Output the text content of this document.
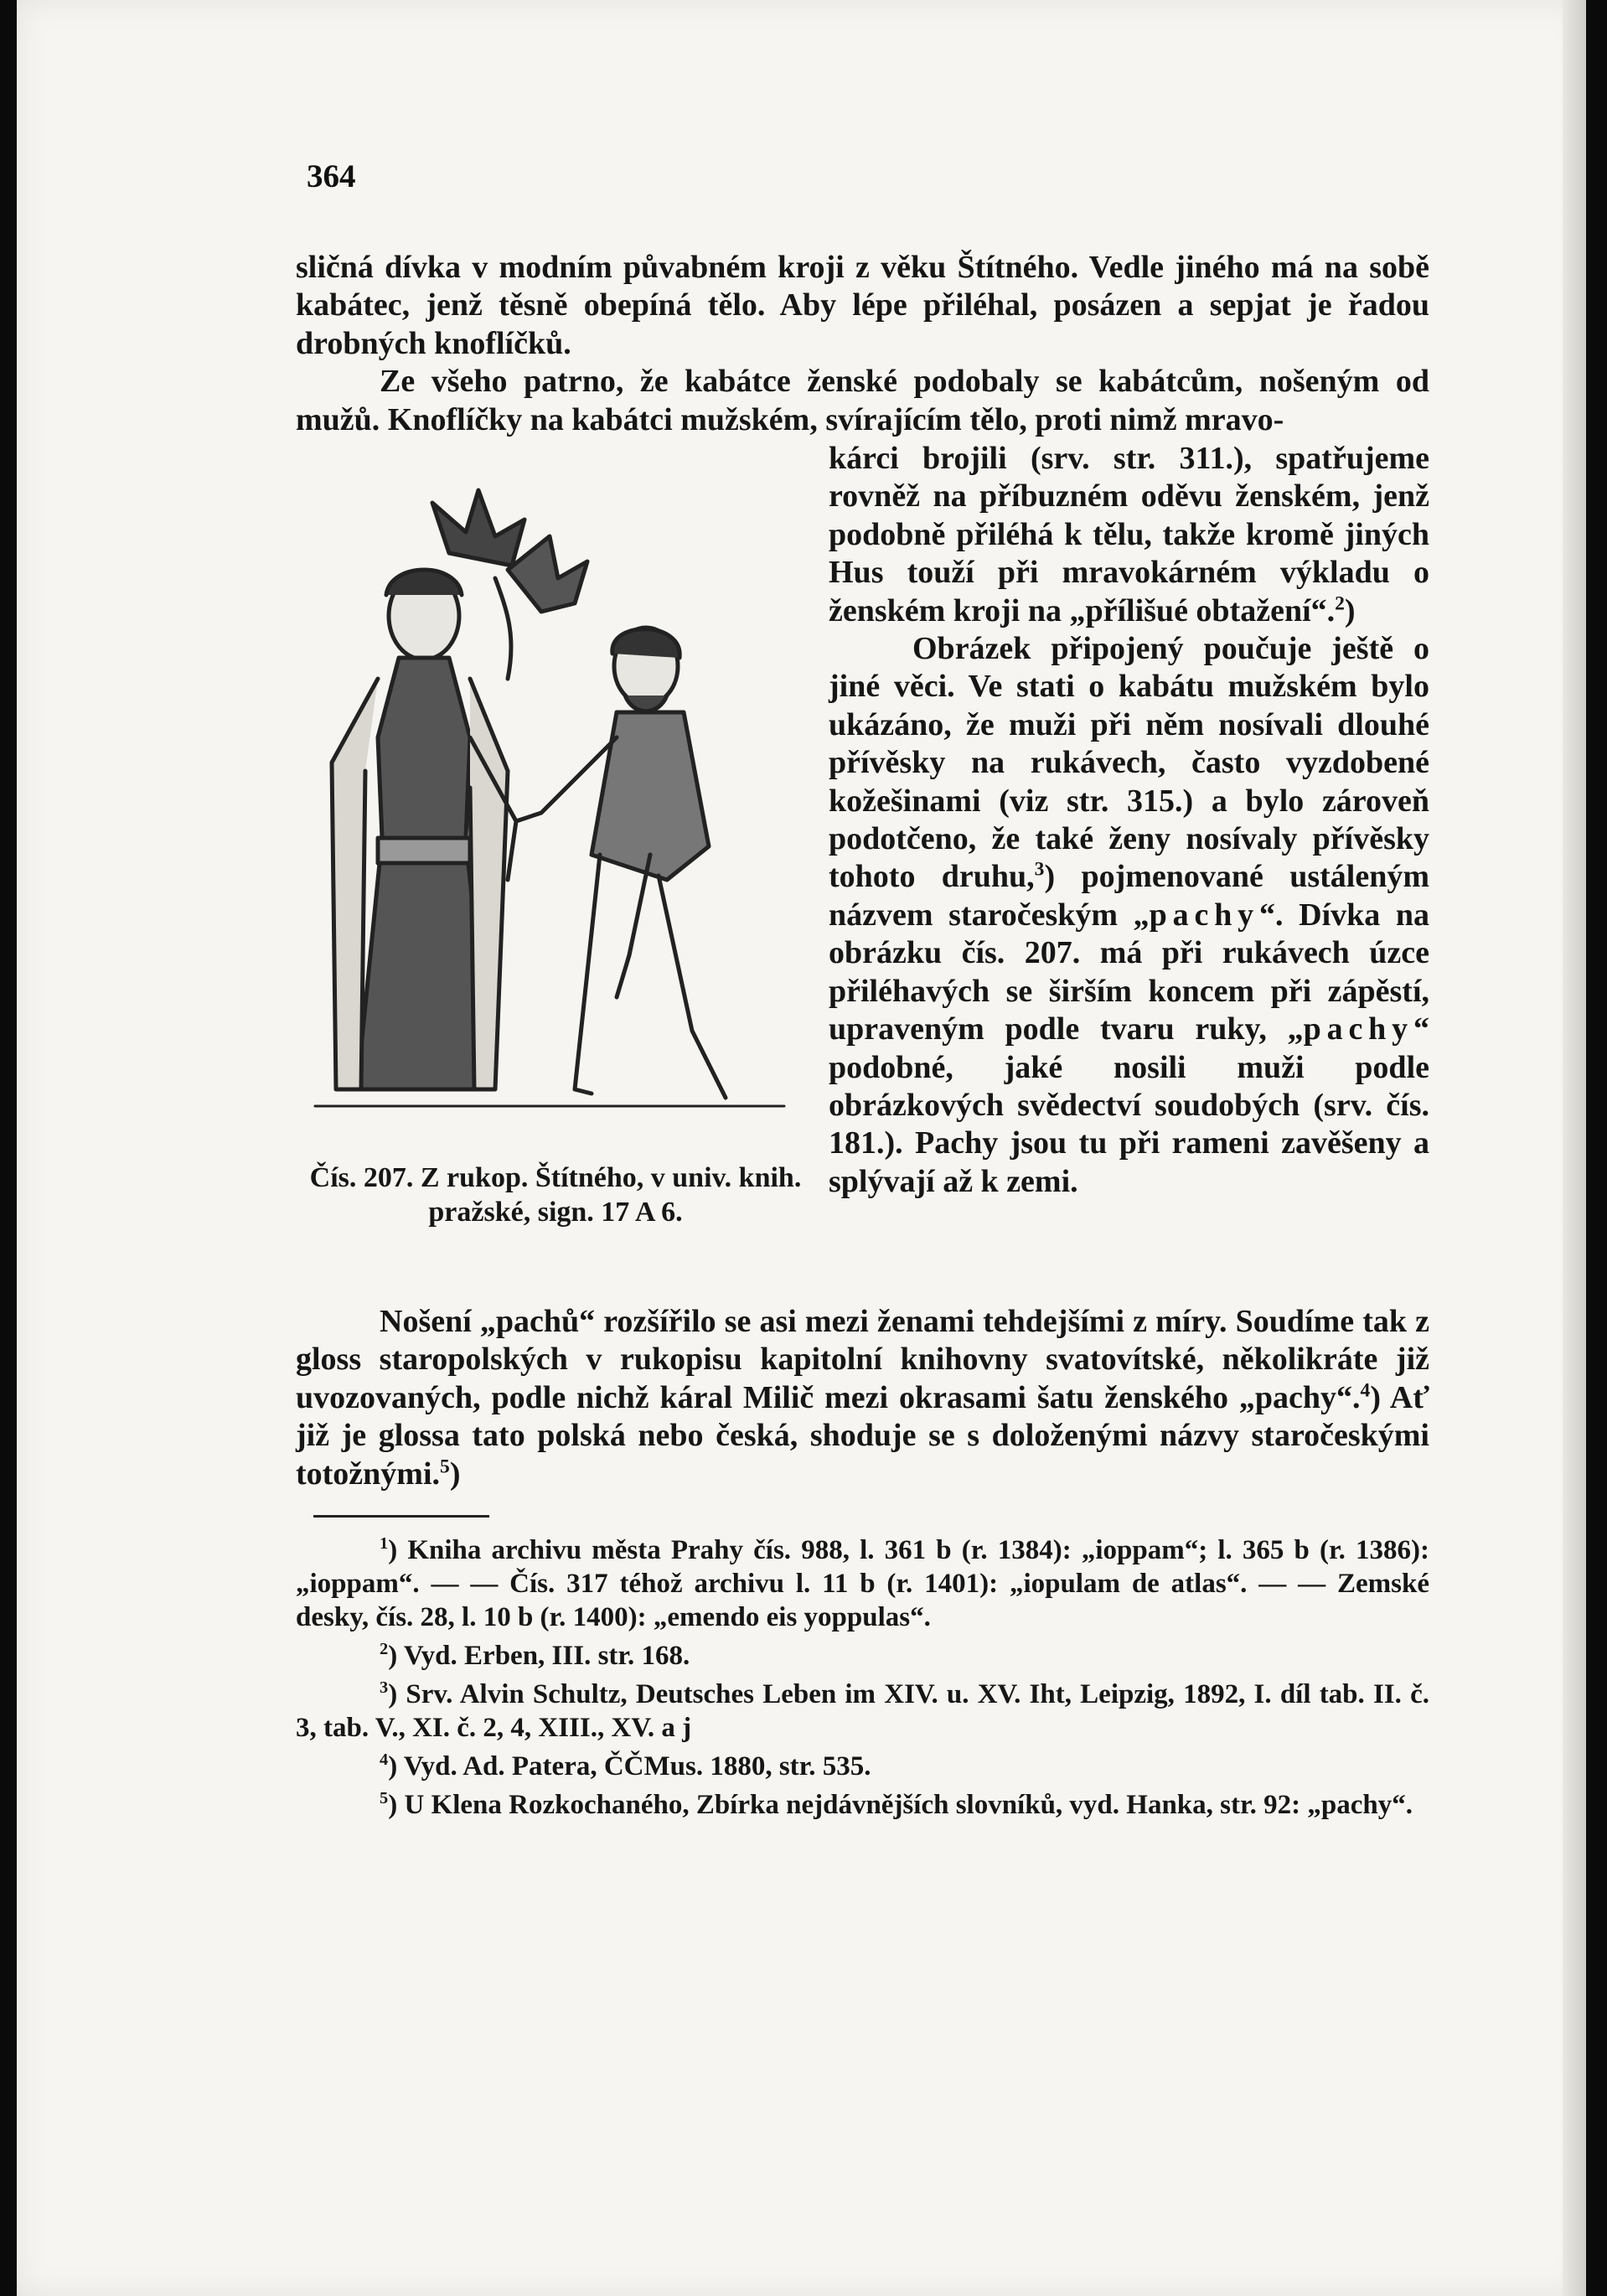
364

sličná dívka v modním půvabném kroji z věku Štítného. Vedle jiného má na sobě kabátec, jenž těsně obepíná tělo. Aby lépe přiléhal, posázen a sepjat je řadou drobných knoflíčků.

Ze všeho patrno, že kabátce ženské podobaly se kabátcům, nošeným od mužů. Knoflíčky na kabátci mužském, svírajícím tělo, proti nimž mravo-

Čís. 207. Z rukop. Štítného, v univ. knih. pražské, sign. 17 A 6.

kárci brojili (srv. str. 311.), spatřujeme rovněž na příbuzném oděvu ženském, jenž podobně přiléhá k tělu, takže kromě jiných Hus touží při mravokárném výkladu o ženském kroji na „přílišué obtažení“.$^2$)

Obrázek připojený poučuje ještě o jiné věci. Ve stati o kabátu mužském bylo ukázáno, že muži při něm nosívali dlouhé přívěsky na rukávech, často vyzdobené kožešinami (viz str. 315.) a bylo zároveň podotčeno, že také ženy nosívaly přívěsky tohoto druhu,$^3$) pojmenované ustáleným názvem staročeským „pachy“. Dívka na obrázku čís. 207. má při rukávech úzce přiléhavých se širším koncem při zápěstí, upraveným podle tvaru ruky, „pachy“ podobné, jaké nosili muži podle obrázkových svědectví soudobých (srv. čís. 181.). Pachy jsou tu při rameni zavěšeny a splývají až k zemi.

Nošení „pachů“ rozšířilo se asi mezi ženami tehdejšími z míry. Soudíme tak z gloss staropolských v rukopisu kapitolní knihovny svatovítské, několikráte již uvozovaných, podle nichž káral Milič mezi okrasami šatu ženského „pachy“.$^4$) Ať již je glossa tato polská nebo česká, shoduje se s doloženými názvy staročeskými totožnými.$^5$)

$^1$) Kniha archivu města Prahy čís. 988, l. 361 b (r. 1384): „ioppam“; l. 365 b (r. 1386): „ioppam“. — — Čís. 317 téhož archivu l. 11 b (r. 1401): „iopulam de atlas“. — — Zemské desky, čís. 28, l. 10 b (r. 1400): „emendo eis yoppulas“.

$^2$) Vyd. Erben, III. str. 168.

$^3$) Srv. Alvin Schultz, Deutsches Leben im XIV. u. XV. Iht, Leipzig, 1892, I. díl tab. II. č. 3, tab. V., XI. č. 2, 4, XIII., XV. a j

$^4$) Vyd. Ad. Patera, ČČMus. 1880, str. 535.

$^5$) U Klena Rozkochaného, Zbírka nejdávnějších slovníků, vyd. Hanka, str. 92: „pachy“.
